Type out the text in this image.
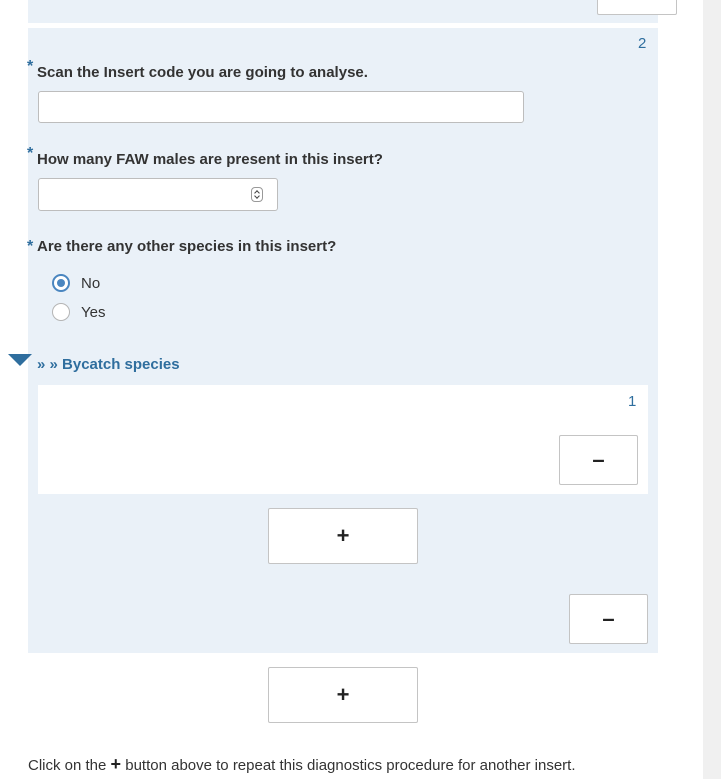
2
* Scan the Insert code you are going to analyse.
* How many FAW males are present in this insert?
* Are there any other species in this insert?
No
Yes
» » Bycatch species
1
–
+
–
+
Click on the + button above to repeat this diagnostics procedure for another insert.
